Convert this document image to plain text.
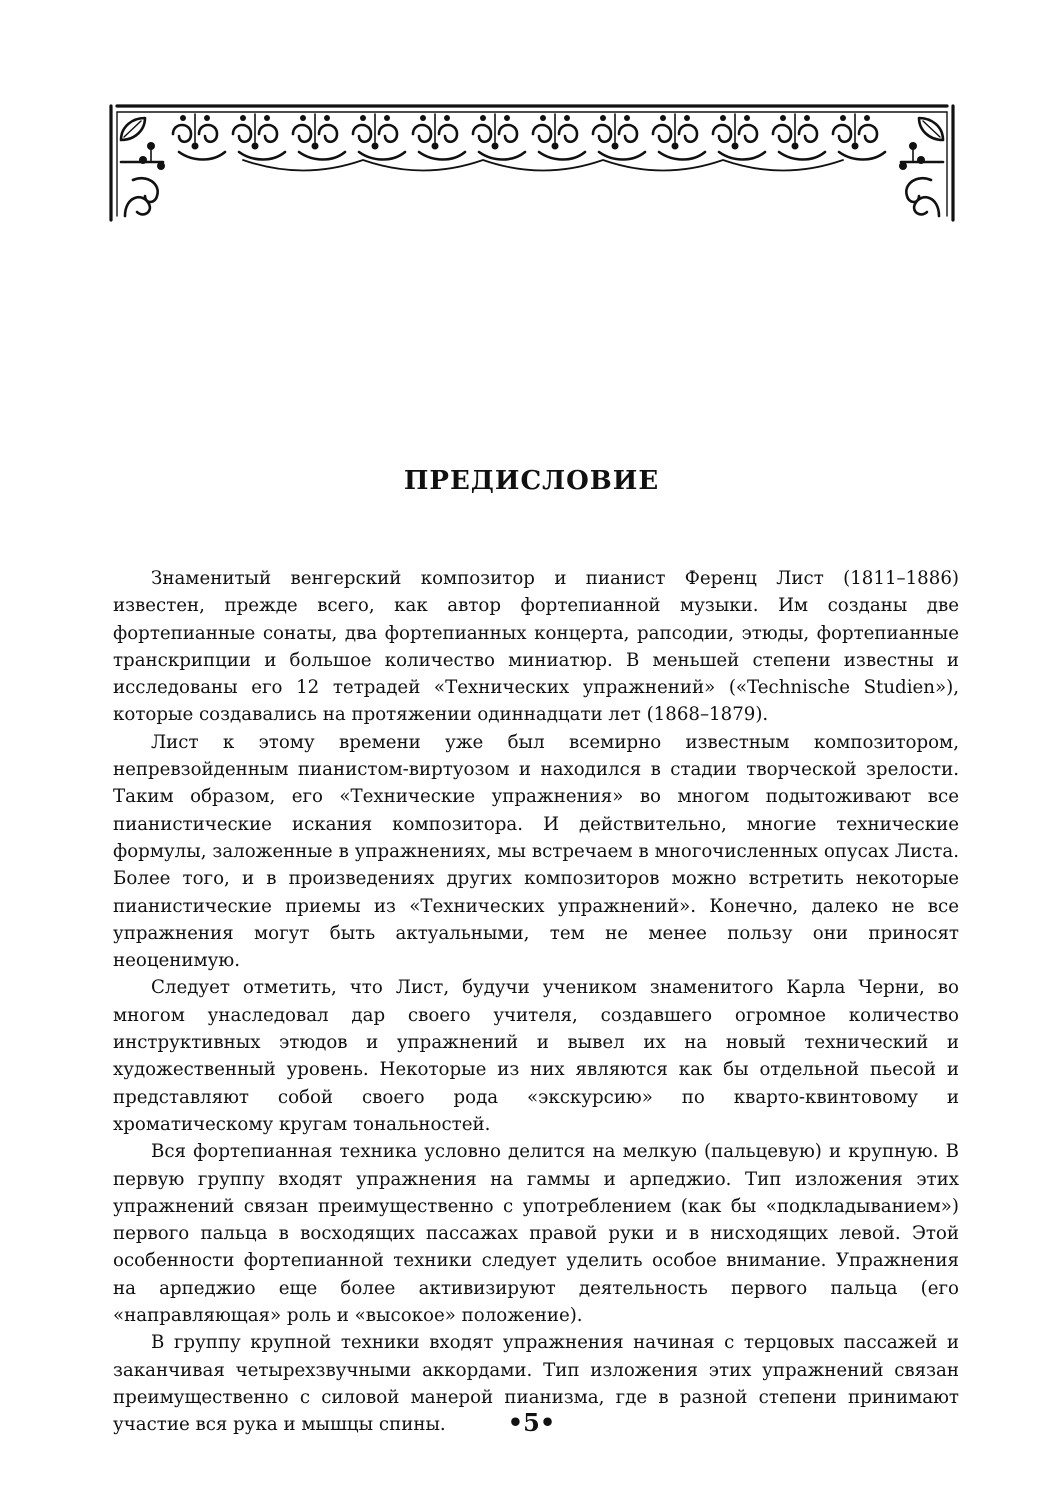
ПРЕДИСЛОВИЕ

Знаменитый венгерский композитор и пианист Ференц Лист (1811–1886) известен, прежде всего, как автор фортепианной музыки. Им созданы две фортепианные сонаты, два фортепианных концерта, рапсодии, этюды, фортепианные транскрипции и большое количество миниатюр. В меньшей степени известны и исследованы его 12 тетрадей «Технических упражнений» («Technische Studien»), которые создавались на протяжении одиннадцати лет (1868–1879).

Лист к этому времени уже был всемирно известным композитором, непревзойденным пианистом-виртуозом и находился в стадии творческой зрелости. Таким образом, его «Технические упражнения» во многом подытоживают все пианистические искания композитора. И действительно, многие технические формулы, заложенные в упражнениях, мы встречаем в многочисленных опусах Листа. Более того, и в произведениях других композиторов можно встретить некоторые пианистические приемы из «Технических упражнений». Конечно, далеко не все упражнения могут быть актуальными, тем не менее пользу они приносят неоценимую.

Следует отметить, что Лист, будучи учеником знаменитого Карла Черни, во многом унаследовал дар своего учителя, создавшего огромное количество инструктивных этюдов и упражнений и вывел их на новый технический и художественный уровень. Некоторые из них являются как бы отдельной пьесой и представляют собой своего рода «экскурсию» по кварто-квинтовому и хроматическому кругам тональностей.

Вся фортепианная техника условно делится на мелкую (пальцевую) и крупную. В первую группу входят упражнения на гаммы и арпеджио. Тип изложения этих упражнений связан преимущественно с употреблением (как бы «подкладыванием») первого пальца в восходящих пассажах правой руки и в нисходящих левой. Этой особенности фортепианной техники следует уделить особое внимание. Упражнения на арпеджио еще более активизируют деятельность первого пальца (его «направляющая» роль и «высокое» положение).

В группу крупной техники входят упражнения начиная с терцовых пассажей и заканчивая четырехзвучными аккордами. Тип изложения этих упражнений связан преимущественно с силовой манерой пианизма, где в разной степени принимают участие вся рука и мышцы спины.	•5•
